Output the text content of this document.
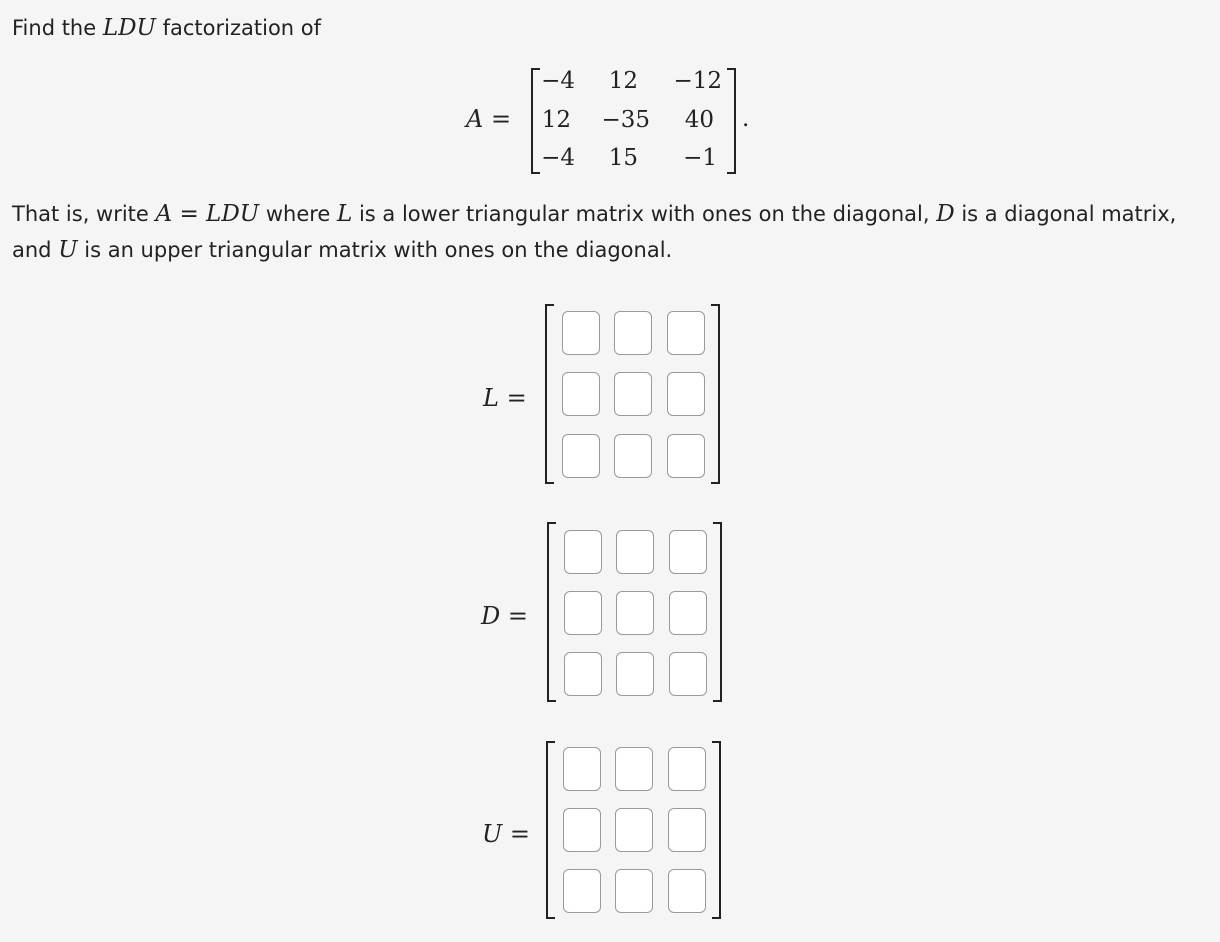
Find the LDU factorization of
A =
−4	12	−12
12	−35	40
−4	15	−1
.
That is, write A = LDU where L is a lower triangular matrix with ones on the diagonal, D is a diagonal matrix,
and U is an upper triangular matrix with ones on the diagonal.
L =
D =
U =
